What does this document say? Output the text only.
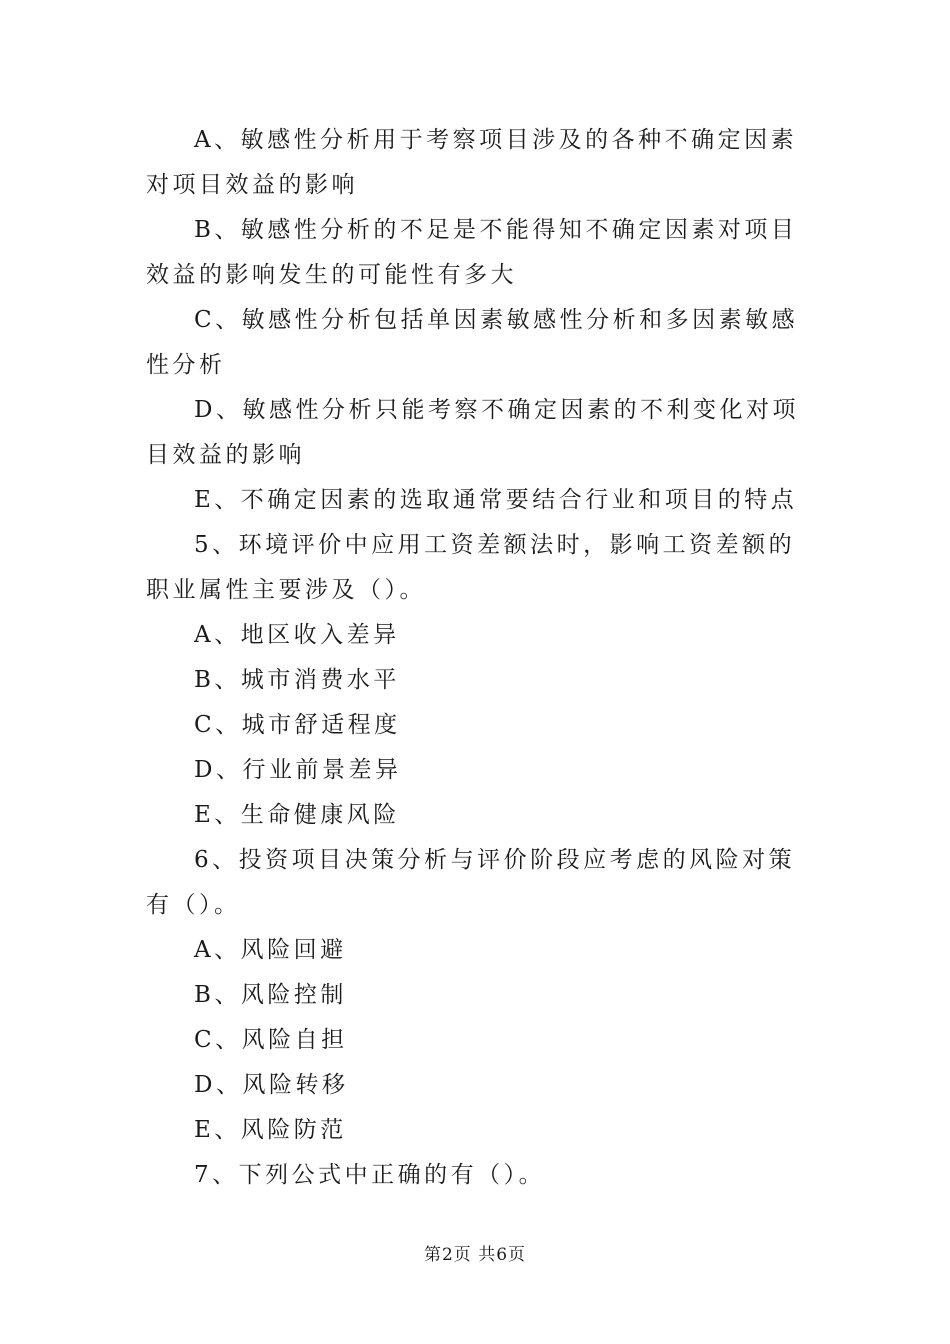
A、敏感性分析用于考察项目涉及的各种不确定因素对项目效益的影响

B、敏感性分析的不足是不能得知不确定因素对项目效益的影响发生的可能性有多大

C、敏感性分析包括单因素敏感性分析和多因素敏感性分析

D、敏感性分析只能考察不确定因素的不利变化对项目效益的影响

E、不确定因素的选取通常要结合行业和项目的特点

5、环境评价中应用工资差额法时，影响工资差额的职业属性主要涉及（）。

A、地区收入差异

B、城市消费水平

C、城市舒适程度

D、行业前景差异

E、生命健康风险

6、投资项目决策分析与评价阶段应考虑的风险对策有（）。

A、风险回避

B、风险控制

C、风险自担

D、风险转移

E、风险防范

7、下列公式中正确的有（）。

第2页 共6页
